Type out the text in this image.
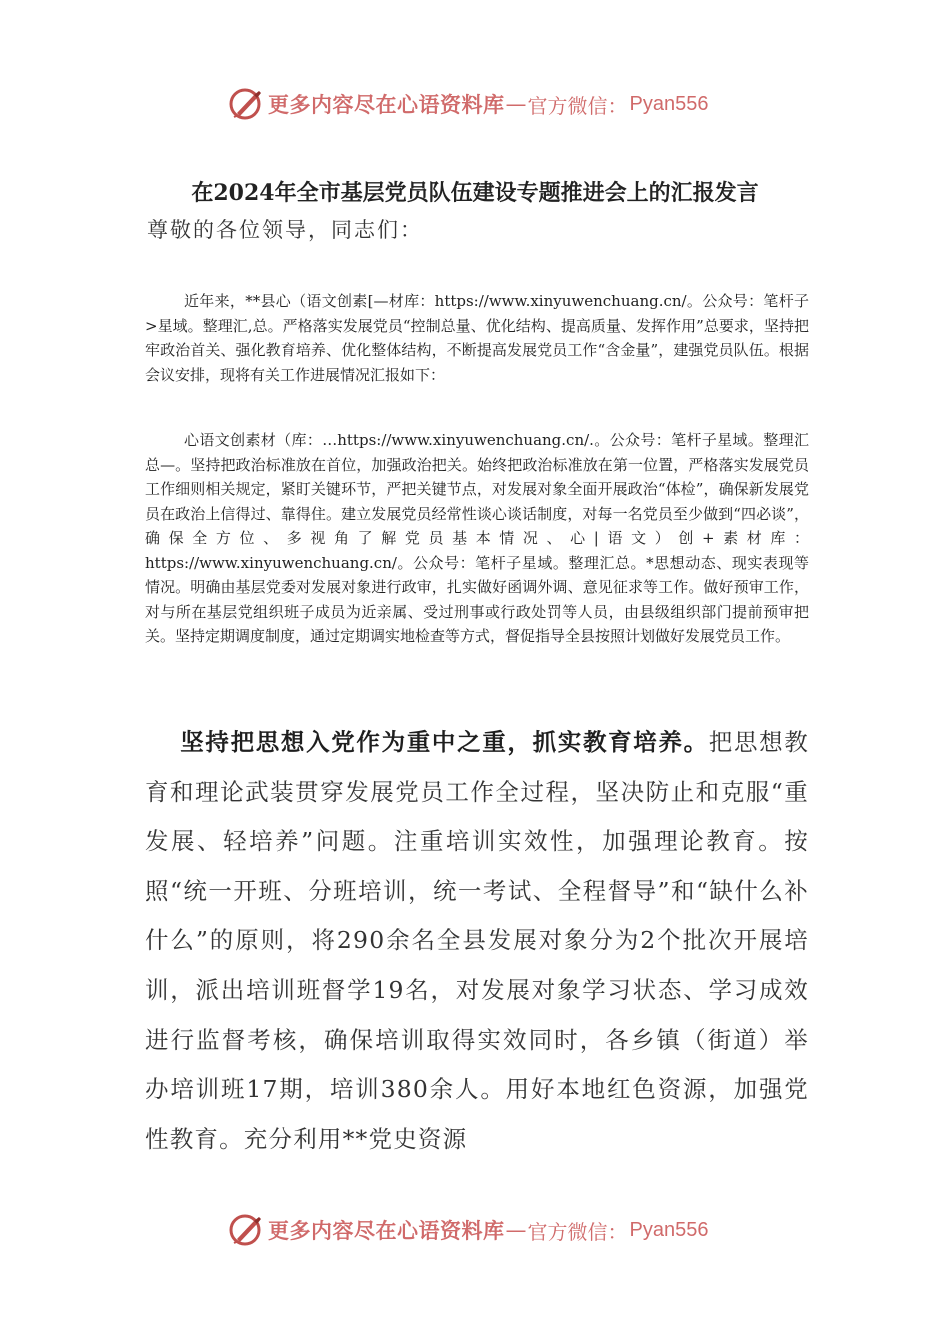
更多内容尽在心语资料库 — 官方微信： Pyan556
在2024年全市基层党员队伍建设专题推进会上的汇报发言
尊敬的各位领导，同志们：

近年来，**县心（语文创素[—材库：https://www.xinyuwenchuang.cn/。公众号：笔杆子>星域。整理汇,总。严格落实发展党员“控制总量、优化结构、提高质量、发挥作用”总要求，坚持把牢政治首关、强化教育培养、优化整体结构，不断提高发展党员工作“含金量”，建强党员队伍。根据会议安排，现将有关工作进展情况汇报如下：

心语文创素材（库：…https://www.xinyuwenchuang.cn/.。公众号：笔杆子星域。整理汇总—。坚持把政治标准放在首位，加强政治把关。始终把政治标准放在第一位置，严格落实发展党员工作细则相关规定，紧盯关键环节，严把关键节点，对发展对象全面开展政治“体检”，确保新发展党员在政治上信得过、靠得住。建立发展党员经常性谈心谈话制度，对每一名党员至少做到“四必谈”，确保全方位、多视角了解党员基本情况、心|语文）创+素材库：https://www.xinyuwenchuang.cn/。公众号：笔杆子星域。整理汇总。*思想动态、现实表现等情况。明确由基层党委对发展对象进行政审，扎实做好函调外调、意见征求等工作。做好预审工作，对与所在基层党组织班子成员为近亲属、受过刑事或行政处罚等人员，由县级组织部门提前预审把关。坚持定期调度制度，通过定期调实地检查等方式，督促指导全县按照计划做好发展党员工作。

坚持把思想入党作为重中之重，抓实教育培养。把思想教育和理论武装贯穿发展党员工作全过程，坚决防止和克服“重发展、轻培养”问题。注重培训实效性，加强理论教育。按照“统一开班、分班培训，统一考试、全程督导”和“缺什么补什么”的原则，将290余名全县发展对象分为2个批次开展培训，派出培训班督学19名，对发展对象学习状态、学习成效进行监督考核，确保培训取得实效同时，各乡镇（街道）举办培训班17期，培训380余人。用好本地红色资源，加强党性教育。充分利用**党史资源

更多内容尽在心语资料库 — 官方微信： Pyan556
